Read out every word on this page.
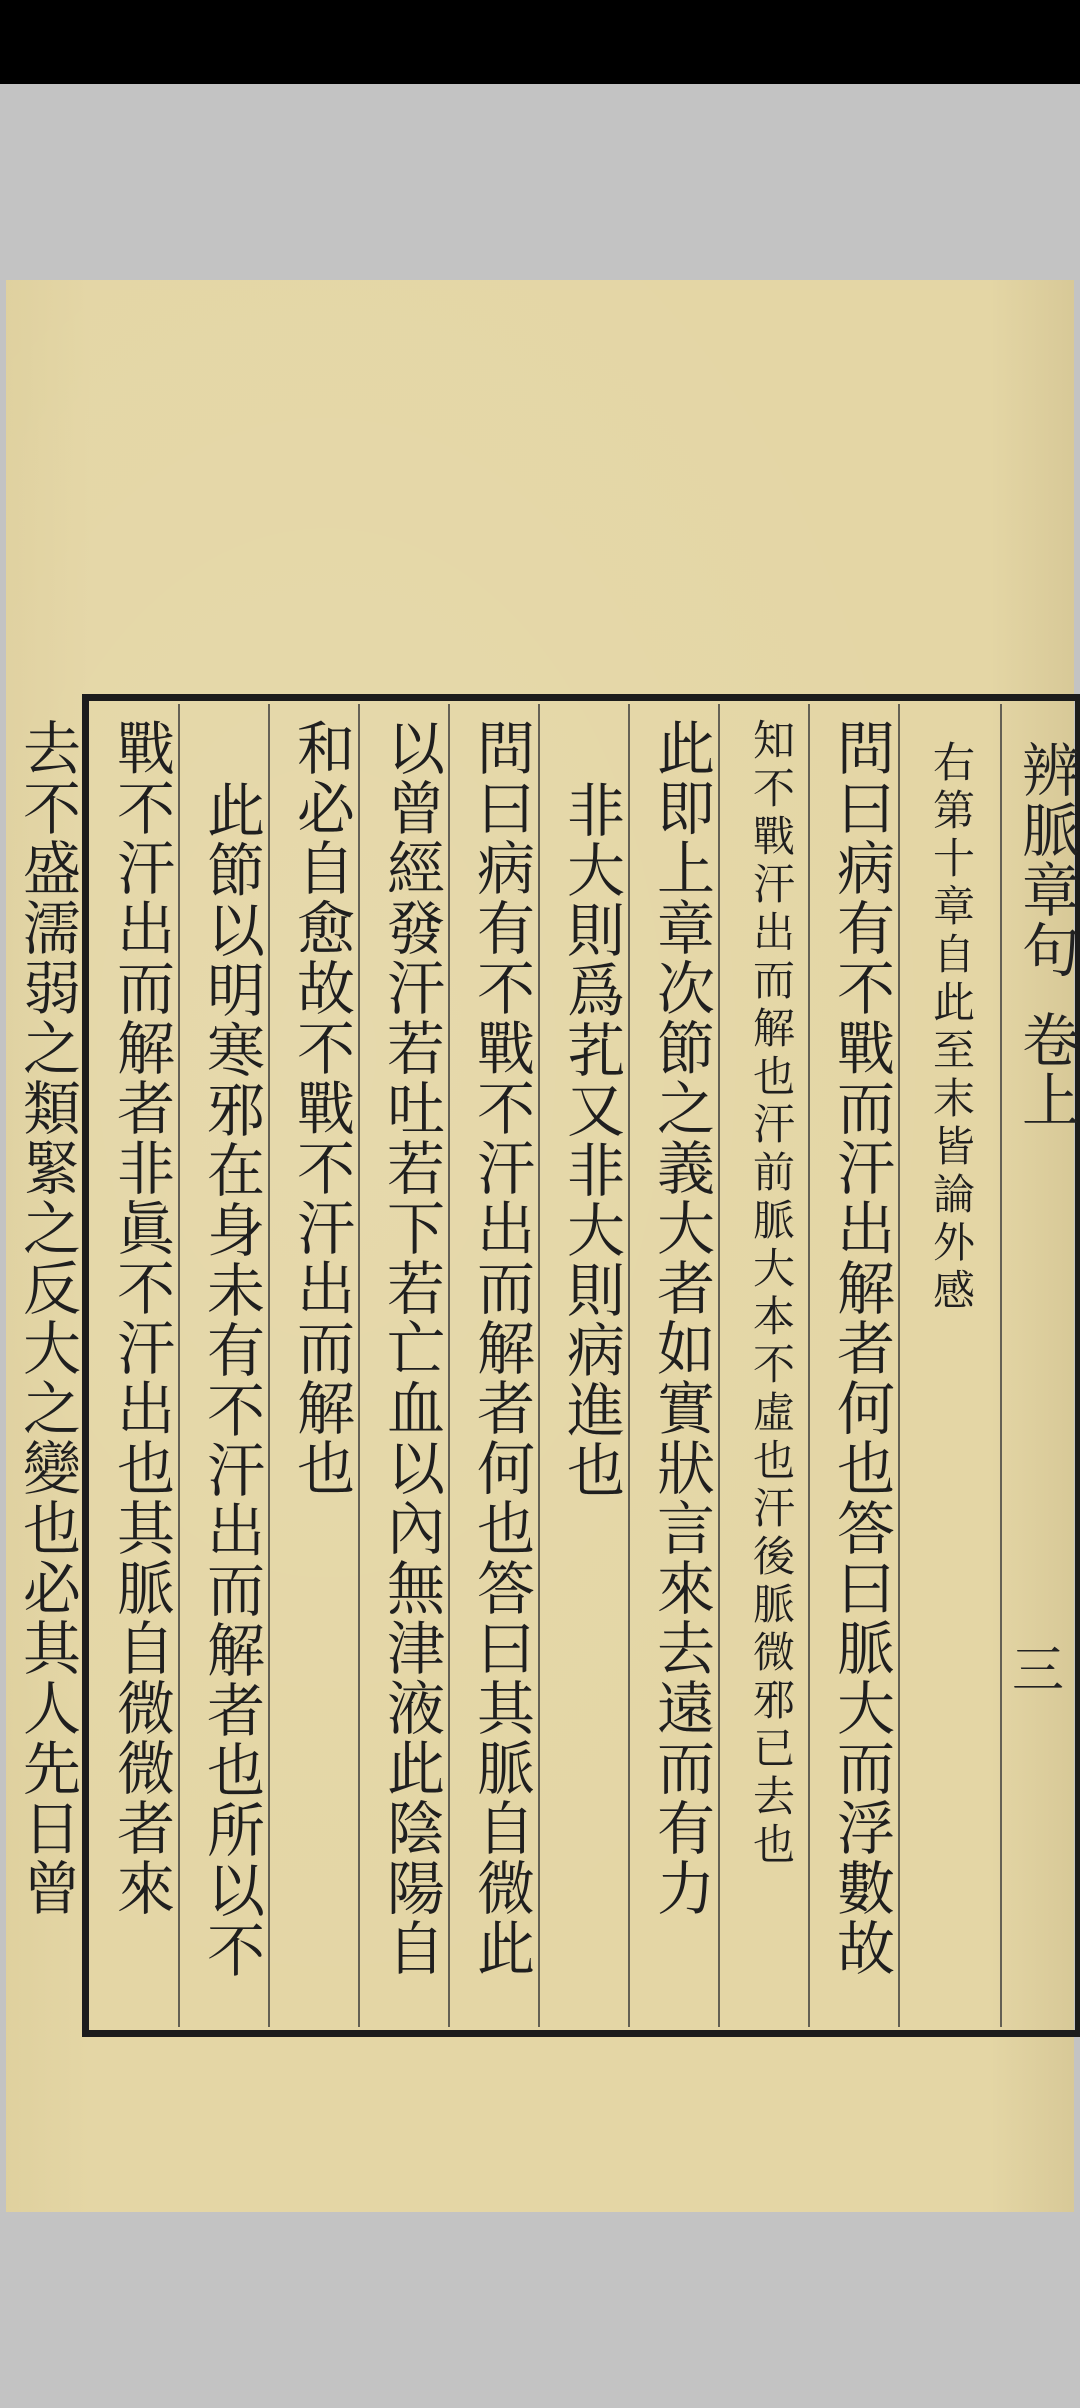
辨脈章句
卷上
三
右第十章自此至末皆論外感
問曰病有不戰而汗出解者何也答曰脈大而浮數故
知不戰汗出而解也汗前脈大本不虛也汗後脈微邪已去也
此即上章次節之義大者如實狀言來去遠而有力
非大則爲芤又非大則病進也
問曰病有不戰不汗出而解者何也答曰其脈自微此
以曾經發汗若吐若下若亡血以內無津液此陰陽自
和必自愈故不戰不汗出而解也
此節以明寒邪在身未有不汗出而解者也所以不
戰不汗出而解者非眞不汗出也其脈自微微者來
去不盛濡弱之類緊之反大之變也必其人先日曾
